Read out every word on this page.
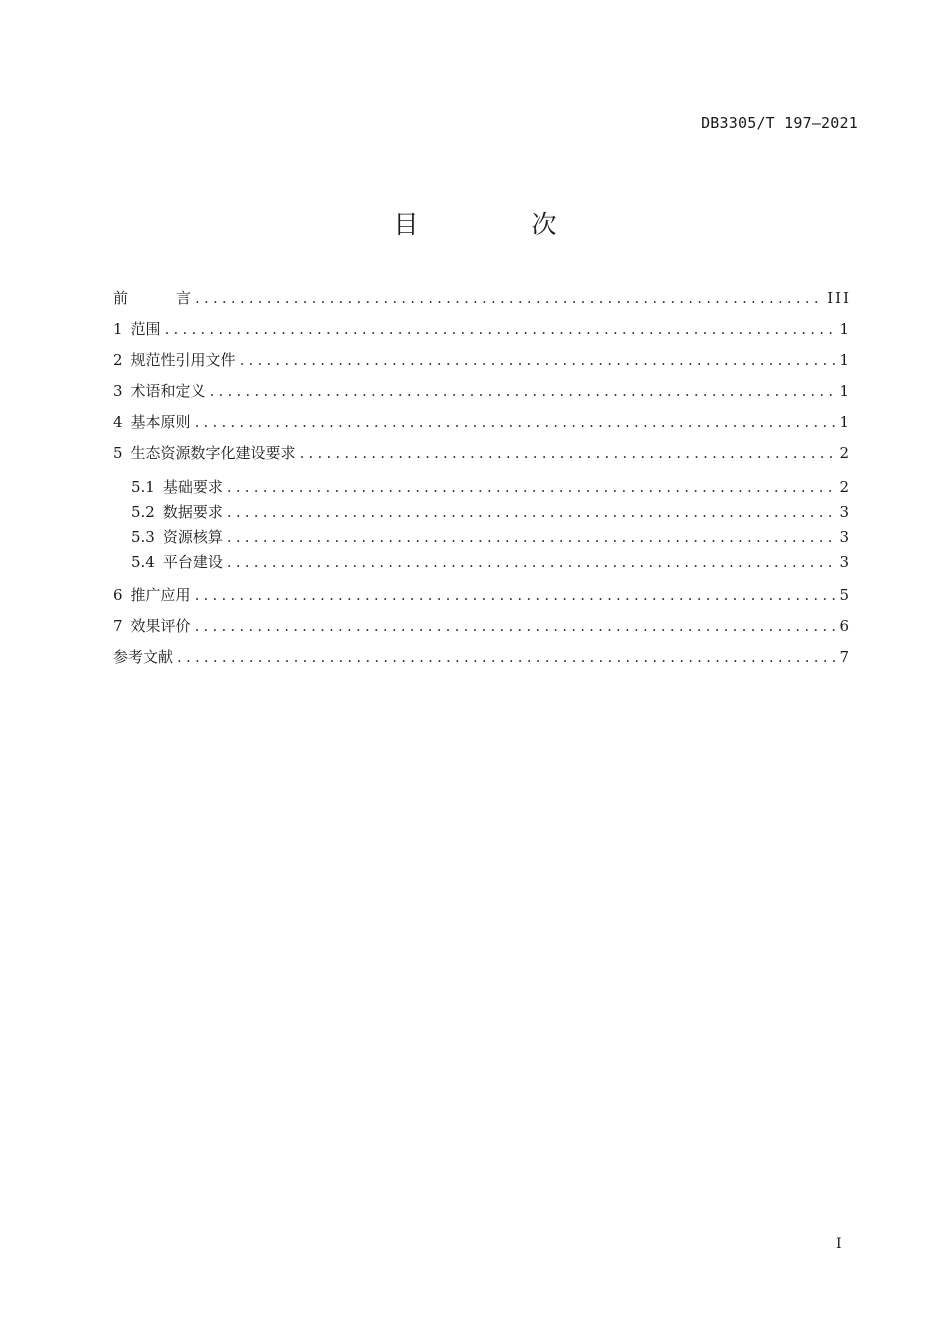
DB3305/T 197—2021
目　次
前 言 .....	III
1 范围 .....	1
2 规范性引用文件 .....	1
3 术语和定义 .....	1
4 基本原则 .....	1
5 生态资源数字化建设要求 .....	2
5.1 基础要求 .....	2
5.2 数据要求 .....	3
5.3 资源核算 .....	3
5.4 平台建设 .....	3
6 推广应用 .....	5
7 效果评价 .....	6
参考文献 .....	7
I
